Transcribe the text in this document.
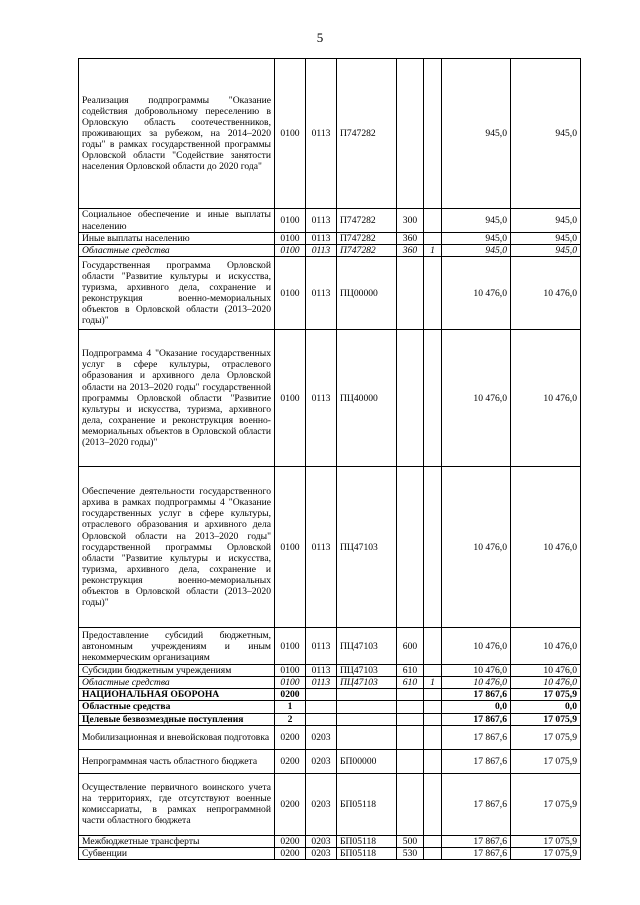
5
Реализация подпрограммы "Оказание содействия добровольному переселению в Орловскую область соотечественников, проживающих за рубежом, на 2014–2020 годы" в рамках государственной программы Орловской области "Содействие занятости населения Орловской области до 2020 года"	0100	0113	П747282			945,0	945,0
Социальное обеспечение и иные выплаты населению	0100	0113	П747282	300		945,0	945,0
Иные выплаты населению	0100	0113	П747282	360		945,0	945,0
Областные средства	0100	0113	П747282	360	1	945,0	945,0
Государственная программа Орловской области "Развитие культуры и искусства, туризма, архивного дела, сохранение и реконструкция военно-мемориальных объектов в Орловской области (2013–2020 годы)"	0100	0113	ПЦ00000			10 476,0	10 476,0
Подпрограмма 4 "Оказание государственных услуг в сфере культуры, отраслевого образования и архивного дела Орловской области на 2013–2020 годы" государственной программы Орловской области "Развитие культуры и искусства, туризма, архивного дела, сохранение и реконструкция военно-мемориальных объектов в Орловской области (2013–2020 годы)"	0100	0113	ПЦ40000			10 476,0	10 476,0
Обеспечение деятельности государственного архива в рамках подпрограммы 4 "Оказание государственных услуг в сфере культуры, отраслевого образования и архивного дела Орловской области на 2013–2020 годы" государственной программы Орловской области "Развитие культуры и искусства, туризма, архивного дела, сохранение и реконструкция военно-мемориальных объектов в Орловской области (2013–2020 годы)"	0100	0113	ПЦ47103			10 476,0	10 476,0
Предоставление субсидий бюджетным, автономным учреждениям и иным некоммерческим организациям	0100	0113	ПЦ47103	600		10 476,0	10 476,0
Субсидии бюджетным учреждениям	0100	0113	ПЦ47103	610		10 476,0	10 476,0
Областные средства	0100	0113	ПЦ47103	610	1	10 476,0	10 476,0
НАЦИОНАЛЬНАЯ ОБОРОНА	0200					17 867,6	17 075,9
Областные средства	1					0,0	0,0
Целевые безвозмездные поступления	2					17 867,6	17 075,9
Мобилизационная и вневойсковая подготовка	0200	0203				17 867,6	17 075,9
Непрограммная часть областного бюджета	0200	0203	БП00000			17 867,6	17 075,9
Осуществление первичного воинского учета на территориях, где отсутствуют военные комиссариаты, в рамках непрограммной части областного бюджета	0200	0203	БП05118			17 867,6	17 075,9
Межбюджетные трансферты	0200	0203	БП05118	500		17 867,6	17 075,9
Субвенции	0200	0203	БП05118	530		17 867,6	17 075,9
